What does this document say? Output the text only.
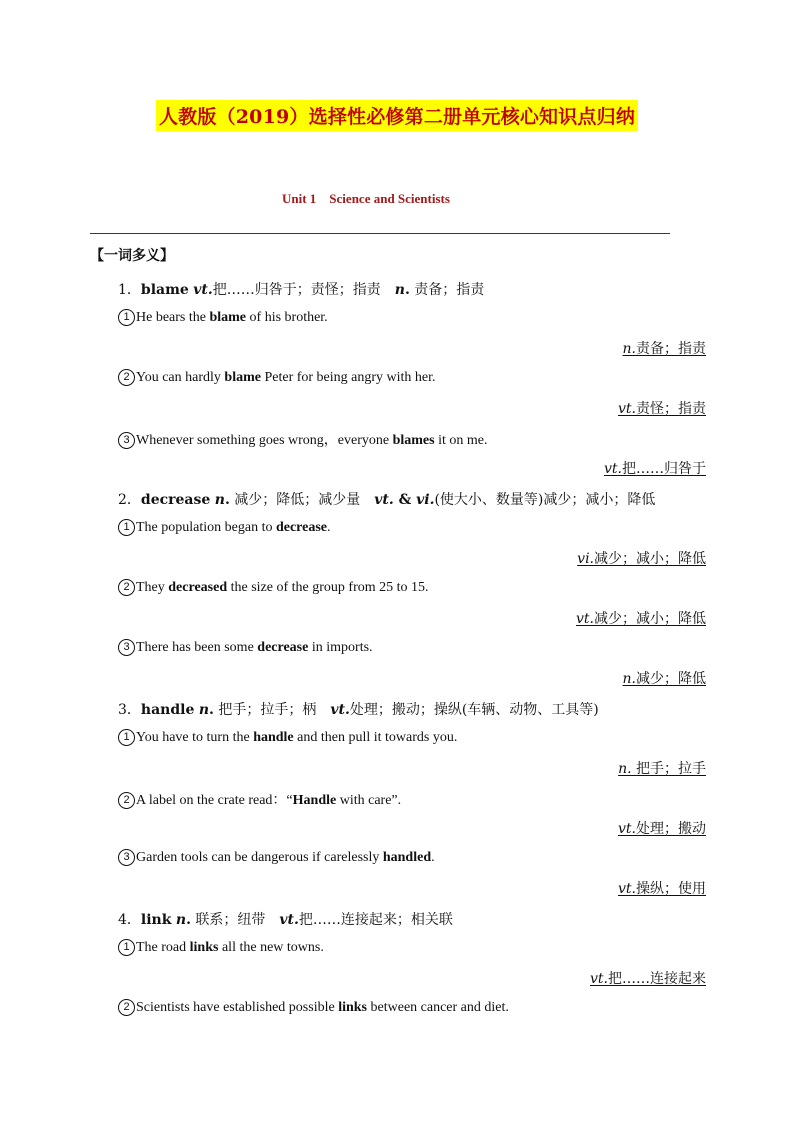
人教版（2019）选择性必修第二册单元核心知识点归纳
Unit 1    Science and Scientists
【一词多义】
1．blame vt.把……归咎于；责怪；指责　n. 责备；指责
1 He bears the blame of his brother.
n.责备；指责
2 You can hardly blame Peter for being angry with her.
vt.责怪；指责
3 Whenever something goes wrong，everyone blames it on me.
vt.把……归咎于
2．decrease n. 减少；降低；减少量　vt. & vi.(使大小、数量等)减少；减小；降低
1 The population began to decrease.
vi.减少；减小；降低
2 They decreased the size of the group from 25 to 15.
vt.减少；减小；降低
3 There has been some decrease in imports.
n.减少；降低
3．handle n. 把手；拉手；柄　vt.处理；搬动；操纵(车辆、动物、工具等)
1 You have to turn the handle and then pull it towards you.
n. 把手；拉手
2 A label on the crate read：“Handle with care”.
vt.处理；搬动
3 Garden tools can be dangerous if carelessly handled.
vt.操纵；使用
4．link n. 联系；纽带　vt.把……连接起来；相关联
1 The road links all the new towns.
vt.把……连接起来
2 Scientists have established possible links between cancer and diet.
